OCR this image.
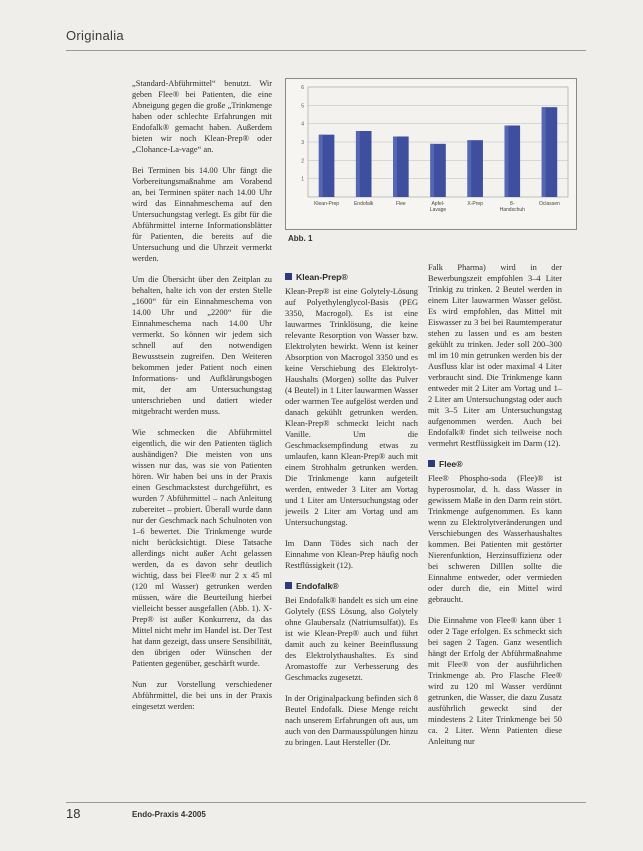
Originalia

„Standard-Abführmittel“ benutzt. Wir geben Flee® bei Patienten, die eine Abneigung gegen die große „Trinkmenge haben oder schlechte Erfahrungen mit Endofalk® gemacht haben. Außerdem bieten wir noch Klean-Prep® oder „Clohance-La-vage“ an.

Bei Terminen bis 14.00 Uhr fängt die Vorbereitungsmaßnahme am Vorabend an, bei Terminen später nach 14.00 Uhr wird das Einnahmeschema auf den Untersuchungstag verlegt. Es gibt für die Abführmittel interne Informationsblätter für Patienten, die bereits auf die Untersuchung und die Uhrzeit vermerkt werden.

Um die Übersicht über den Zeitplan zu behalten, halte ich von der ersten Stelle „1600“ für ein Einnahmeschema von 14.00 Uhr und „2200“ für die Einnahmeschema nach 14.00 Uhr vermerkt. So können wir jedem sich schnell auf den notwendigen Bewusstsein zugreifen. Den Weiteren bekommen jeder Patient noch einen Informations- und Aufklärungsbogen mit, der am Untersuchungstag unterschrieben und datiert wieder mitgebracht werden muss.

Wie schmecken die Abführmittel eigentlich, die wir den Patienten täglich aushändigen? Die meisten von uns wissen nur das, was sie von Patienten hören. Wir haben bei uns in der Praxis einen Geschmackstest durchgeführt, es wurden 7 Abführmittel – nach Anleitung zubereitet – probiert. Überall wurde dann nur der Geschmack nach Schulnoten von 1–6 bewertet. Die Trinkmenge wurde nicht berücksichtigt. Diese Tatsache allerdings nicht außer Acht gelassen werden, da es davon sehr deutlich wichtig, dass bei Flee® nur 2 x 45 ml (120 ml Wasser) getrunken werden müssen, wäre die Beurteilung hierbei vielleicht besser ausgefallen (Abb. 1). X-Prep® ist außer Konkurrenz, da das Mittel nicht mehr im Handel ist. Der Test hat dann gezeigt, dass unsere Sensibilität, den übrigen oder Wünschen der Patienten gegenüber, geschärft wurde.

Nun zur Vorstellung verschiedener Abführmittel, die bei uns in der Praxis eingesetzt werden:

1
2
3
4
5
6
Klean-Prep	Endofalk	Flee	Apfel-
Lavage
X-Prep	8-
Handschuh
Oclassen
Abb. 1
Klean-Prep®

Klean-Prep® ist eine Golytely-Lösung auf Polyethylenglycol-Basis (PEG 3350, Macrogol). Es ist eine lauwarmes Trinklösung, die keine relevante Resorption von Wasser bzw. Elektrolyten bewirkt. Wenn ist keiner Absorption von Macrogol 3350 und es keine Verschiebung des Elektrolyt-Haushalts (Morgen) sollte das Pulver (4 Beutel) in 1 Liter lauwarmen Wasser oder warmen Tee aufgelöst werden und danach gekühlt getrunken werden. Klean-Prep® schmeckt leicht nach Vanille. Um die Geschmacksempfindung etwas zu umlaufen, kann Klean-Prep® auch mit einem Strohhalm getrunken werden. Die Trinkmenge kann aufgeteilt werden, entweder 3 Liter am Vortag und 1 Liter am Untersuchungstag oder jeweils 2 Liter am Vortag und am Untersuchungstag.

Im Dann Tödes sich nach der Einnahme von Klean-Prep häufig noch Restflüssigkeit (12).

Endofalk®

Bei Endofalk® handelt es sich um eine Golytely (ESS Lösung, also Golytely ohne Glaubersalz (Natriumsulfat)). Es ist wie Klean-Prep® auch und führt damit auch zu keiner Beeinflussung des Elektrolythaushaltes. Es sind Aromastoffe zur Verbesserung des Geschmacks zugesetzt.

In der Originalpackung befinden sich 8 Beutel Endofalk. Diese Menge reicht nach unserem Erfahrungen oft aus, um auch von den Darmausspülungen hinzu zu bringen. Laut Hersteller (Dr.

Falk Pharma) wird in der Bewerbungszeit empfohlen 3–4 Liter Trinkig zu trinken. 2 Beutel werden in einem Liter lauwarmen Wasser gelöst. Es wird empfohlen, das Mittel mit Eiswasser zu 3 bei bei Raumtemperatur stehen zu lassen und es am besten gekühlt zu trinken. Jeder soll 200–300 ml im 10 min getrunken werden bis der Ausfluss klar ist oder maximal 4 Liter verbraucht sind. Die Trinkmenge kann entweder mit 2 Liter am Vortag und 1–2 Liter am Untersuchungstag oder auch mit 3–5 Liter am Untersuchungstag aufgenommen werden. Auch bei Endofalk® findet sich teilweise noch vermehrt Restflüssigkeit im Darm (12).

Flee®

Flee® Phospho-soda (Flee)® ist hyperosmolar, d. h. dass Wasser in gewissem Maße in den Darm rein stört. Trinkmenge aufgenommen. Es kann wenn zu Elektrolytveränderungen und Verschiebungen des Wasserhaushaltes kommen. Bei Patienten mit gestörter Nierenfunktion, Herzinsuffizienz oder bei schweren Dilllen sollte die Einnahme entweder, oder vermieden oder durch die, ein Mittel wird gebraucht.

Die Einnahme von Flee® kann über 1 oder 2 Tage erfolgen. Es schmeckt sich bei sagen 2 Tagen. Ganz wesentlich hängt der Erfolg der Abführmaßnahme mit Flee® von der ausführlichen Trinkmenge ab. Pro Flasche Flee® wird zu 120 ml Wasser verdünnt getrunken, die Wasser, die dazu Zusatz ausführlich geweckt sind der mindestens 2 Liter Trinkmenge bei 50 ca. 2 Liter. Wenn Patienten diese Anleitung nur

18	Endo-Praxis 4-2005
